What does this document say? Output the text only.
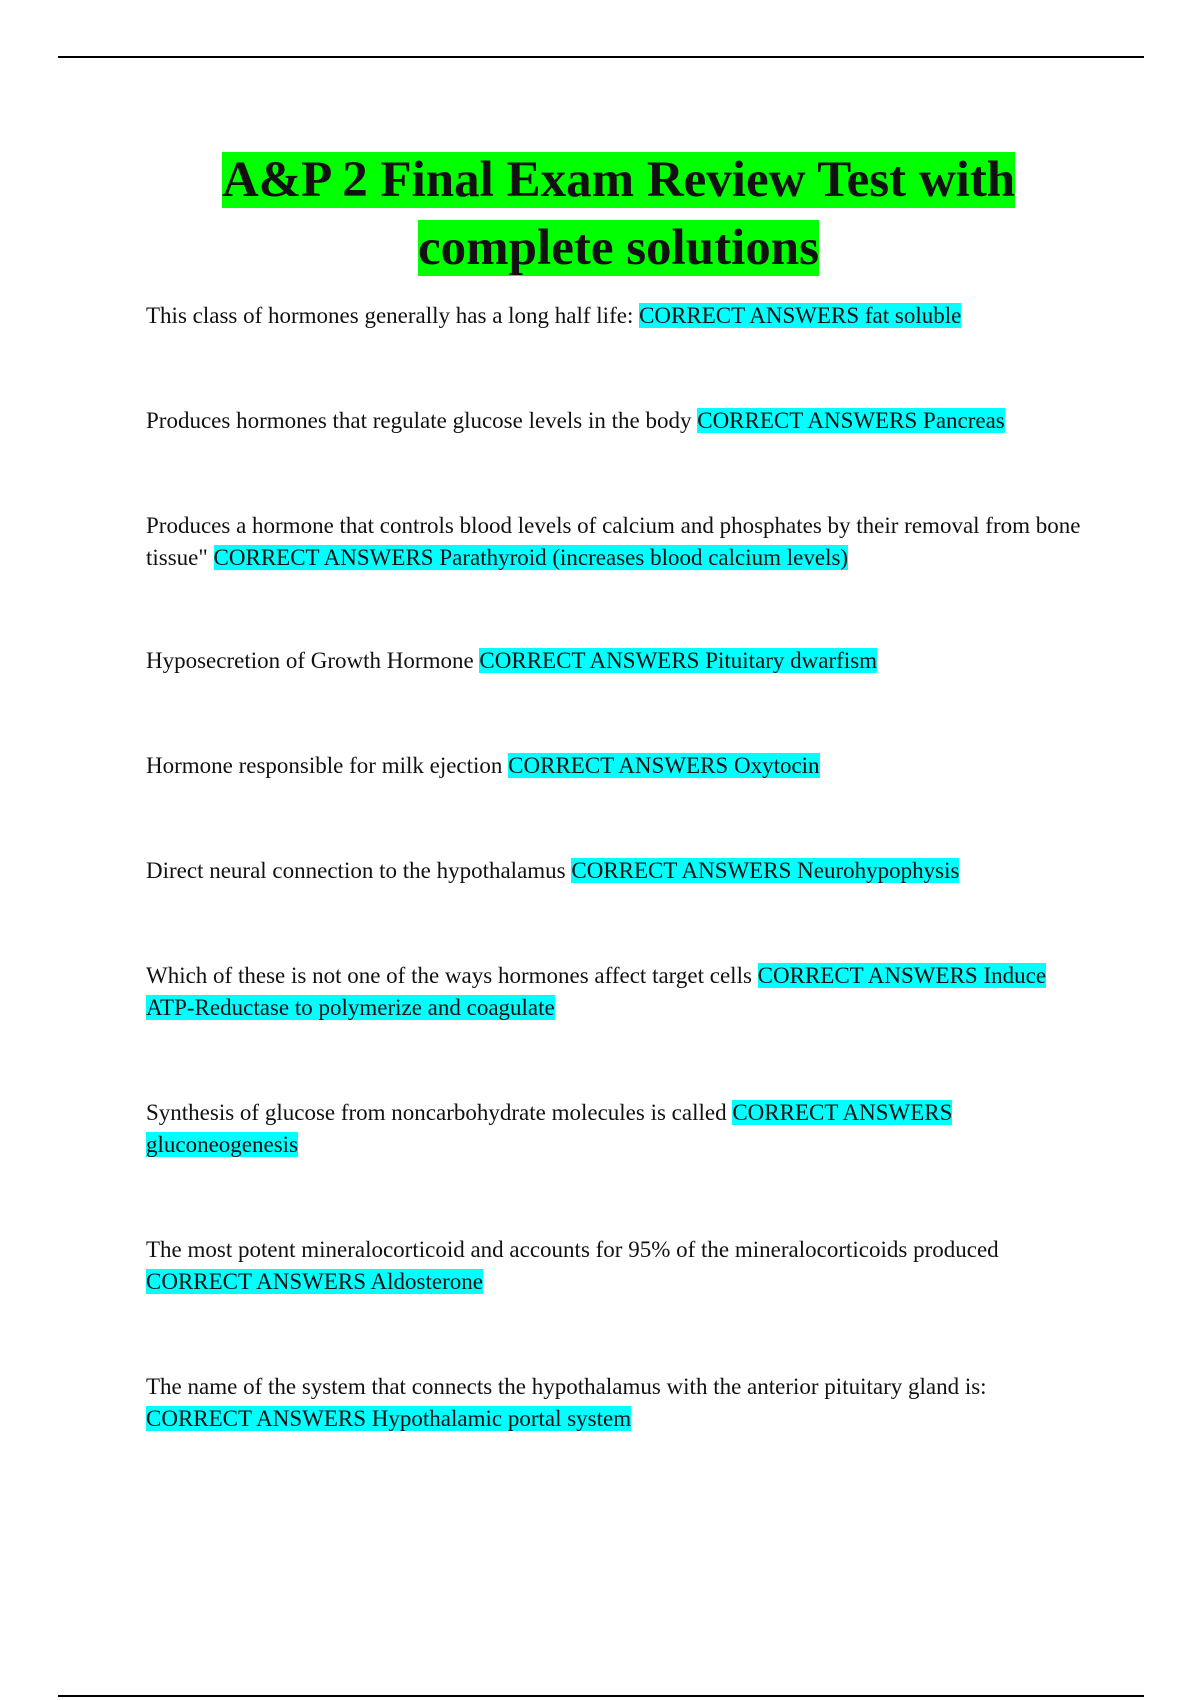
A&P 2 Final Exam Review Test with complete solutions

This class of hormones generally has a long half life: CORRECT ANSWERS fat soluble

Produces hormones that regulate glucose levels in the body CORRECT ANSWERS Pancreas

Produces a hormone that controls blood levels of calcium and phosphates by their removal from bone tissue" CORRECT ANSWERS Parathyroid (increases blood calcium levels)

Hyposecretion of Growth Hormone CORRECT ANSWERS Pituitary dwarfism

Hormone responsible for milk ejection CORRECT ANSWERS Oxytocin

Direct neural connection to the hypothalamus CORRECT ANSWERS Neurohypophysis

Which of these is not one of the ways hormones affect target cells CORRECT ANSWERS Induce ATP-Reductase to polymerize and coagulate

Synthesis of glucose from noncarbohydrate molecules is called CORRECT ANSWERS gluconeogenesis

The most potent mineralocorticoid and accounts for 95% of the mineralocorticoids produced CORRECT ANSWERS Aldosterone

The name of the system that connects the hypothalamus with the anterior pituitary gland is: CORRECT ANSWERS Hypothalamic portal system
